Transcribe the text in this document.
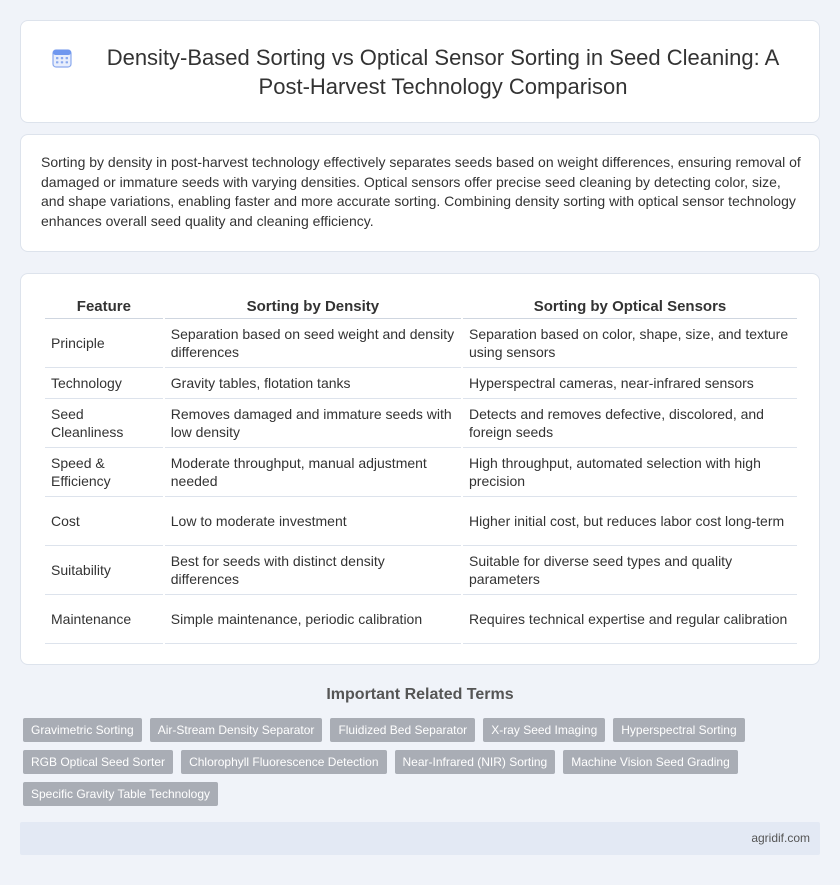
Density-Based Sorting vs Optical Sensor Sorting in Seed Cleaning: A Post-Harvest Technology Comparison

Sorting by density in post-harvest technology effectively separates seeds based on weight differences, ensuring removal of damaged or immature seeds with varying densities. Optical sensors offer precise seed cleaning by detecting color, size, and shape variations, enabling faster and more accurate sorting. Combining density sorting with optical sensor technology enhances overall seed quality and cleaning efficiency.

Feature	Sorting by Density	Sorting by Optical Sensors
Principle	Separation based on seed weight and density differences	Separation based on color, shape, size, and texture using sensors
Technology	Gravity tables, flotation tanks	Hyperspectral cameras, near-infrared sensors
Seed Cleanliness	Removes damaged and immature seeds with low density	Detects and removes defective, discolored, and foreign seeds
Speed & Efficiency	Moderate throughput, manual adjustment needed	High throughput, automated selection with high precision
Cost	Low to moderate investment	Higher initial cost, but reduces labor cost long-term
Suitability	Best for seeds with distinct density differences	Suitable for diverse seed types and quality parameters
Maintenance	Simple maintenance, periodic calibration	Requires technical expertise and regular calibration
Important Related Terms
Gravimetric Sorting	Air-Stream Density Separator	Fluidized Bed Separator	X-ray Seed Imaging	Hyperspectral Sorting
RGB Optical Seed Sorter	Chlorophyll Fluorescence Detection	Near-Infrared (NIR) Sorting	Machine Vision Seed Grading
Specific Gravity Table Technology
agridif.com
